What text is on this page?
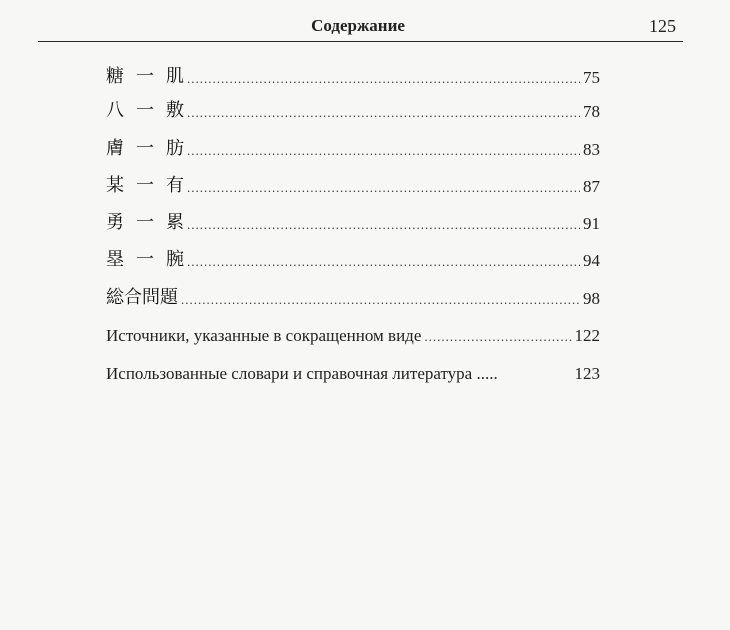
Содержание	125
糖 一 肌 .....	75
八 一 敷 .....	78
膚 一 肪 .....	83
某 一 有 .....	87
勇 一 累 .....	91
塁 一 腕 .....	94
総合問題 .....	98
Источники, указанные в сокращенном виде .....	122
Использованные словари и справочная литература .....	123
